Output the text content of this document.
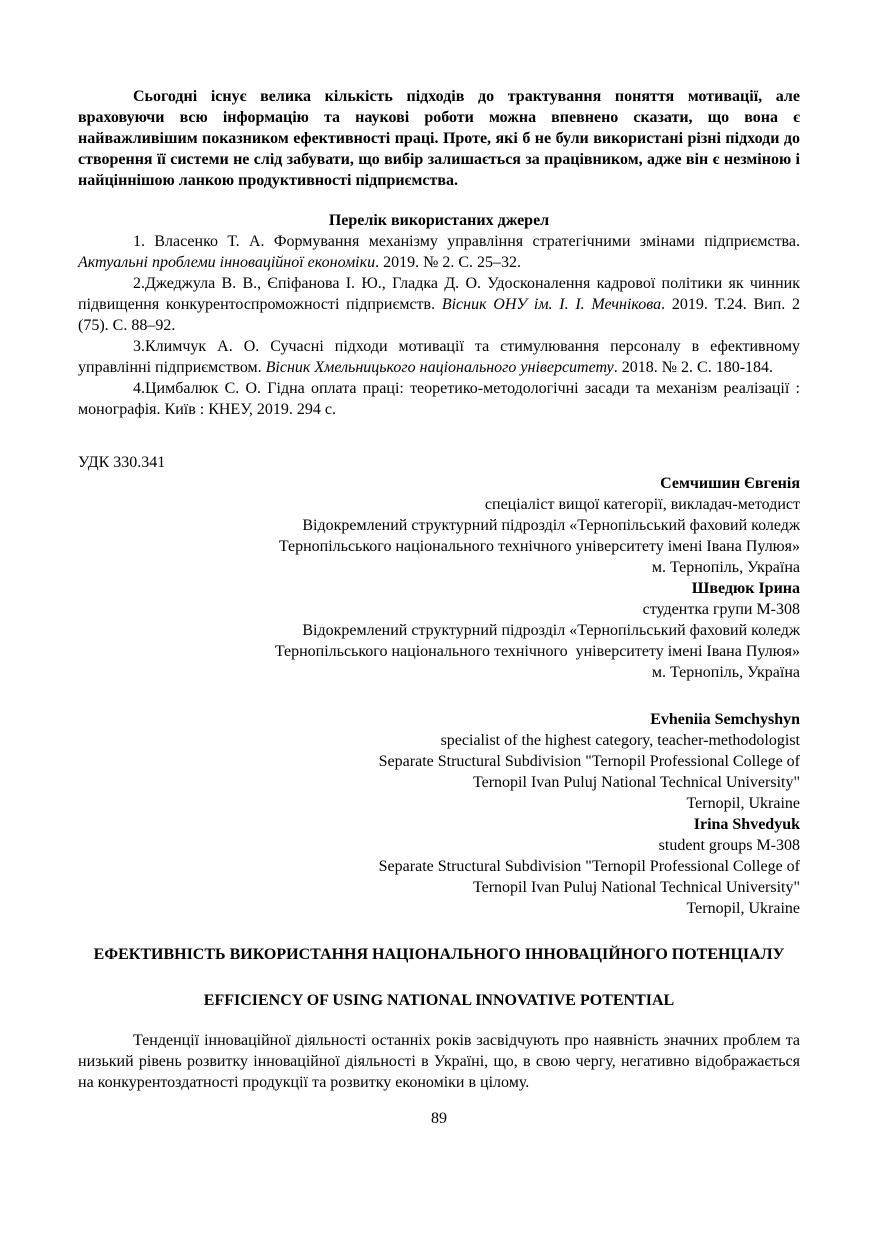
Сьогодні існує велика кількість підходів до трактування поняття мотивації, але враховуючи всю інформацію та наукові роботи можна впевнено сказати, що вона є найважливішим показником ефективності праці. Проте, які б не були використані різні підходи до створення її системи не слід забувати, що вибір залишається за працівником, адже він є незміною і найціннішою ланкою продуктивності підприємства.

Перелік використаних джерел

1. Власенко Т. А. Формування механізму управління стратегічними змінами підприємства. Актуальні проблеми інноваційної економіки. 2019. № 2. С. 25–32.

2.Джеджула В. В., Єпіфанова І. Ю., Гладка Д. О. Удосконалення кадрової політики як чинник підвищення конкурентоспроможності підприємств. Вісник ОНУ ім. І. І. Мечнікова. 2019. Т.24. Вип. 2 (75). С. 88–92.

3.Климчук А. О. Сучасні підходи мотивації та стимулювання персоналу в ефективному управлінні підприємством. Вісник Хмельницького національного університету. 2018. № 2. С. 180-184.

4.Цимбалюк С. О. Гідна оплата праці: теоретико-методологічні засади та механізм реалізації : монографія. Київ : КНЕУ, 2019. 294 с.

УДК 330.341

Семчишин Євгенія
спеціаліст вищої категорії, викладач-методист
Відокремлений структурний підрозділ «Тернопільський фаховий коледж
Тернопільського національного технічного університету імені Івана Пулюя»
м. Тернопіль, Україна
Шведюк Ірина
студентка групи М-308
Відокремлений структурний підрозділ «Тернопільський фаховий коледж
Тернопільського національного технічного  університету імені Івана Пулюя»
м. Тернопіль, Україна
Evheniia Semchyshyn
specialist of the highest category, teacher-methodologist
Separate Structural Subdivision "Ternopil Professional College of
Ternopil Ivan Puluj National Technical University"
Ternopil, Ukraine
Irina Shvedyuk
student groups M-308
Separate Structural Subdivision "Ternopil Professional College of
Ternopil Ivan Puluj National Technical University"
Ternopil, Ukraine
ЕФЕКТИВНІСТЬ ВИКОРИСТАННЯ НАЦІОНАЛЬНОГО ІННОВАЦІЙНОГО ПОТЕНЦІАЛУ
EFFICIENCY OF USING NATIONAL INNOVATIVE POTENTIAL

Тенденції інноваційної діяльності останніх років засвідчують про наявність значних проблем та низький рівень розвитку інноваційної діяльності в Україні, що, в свою чергу, негативно відображається на конкурентоздатності продукції та розвитку економіки в цілому.

89
